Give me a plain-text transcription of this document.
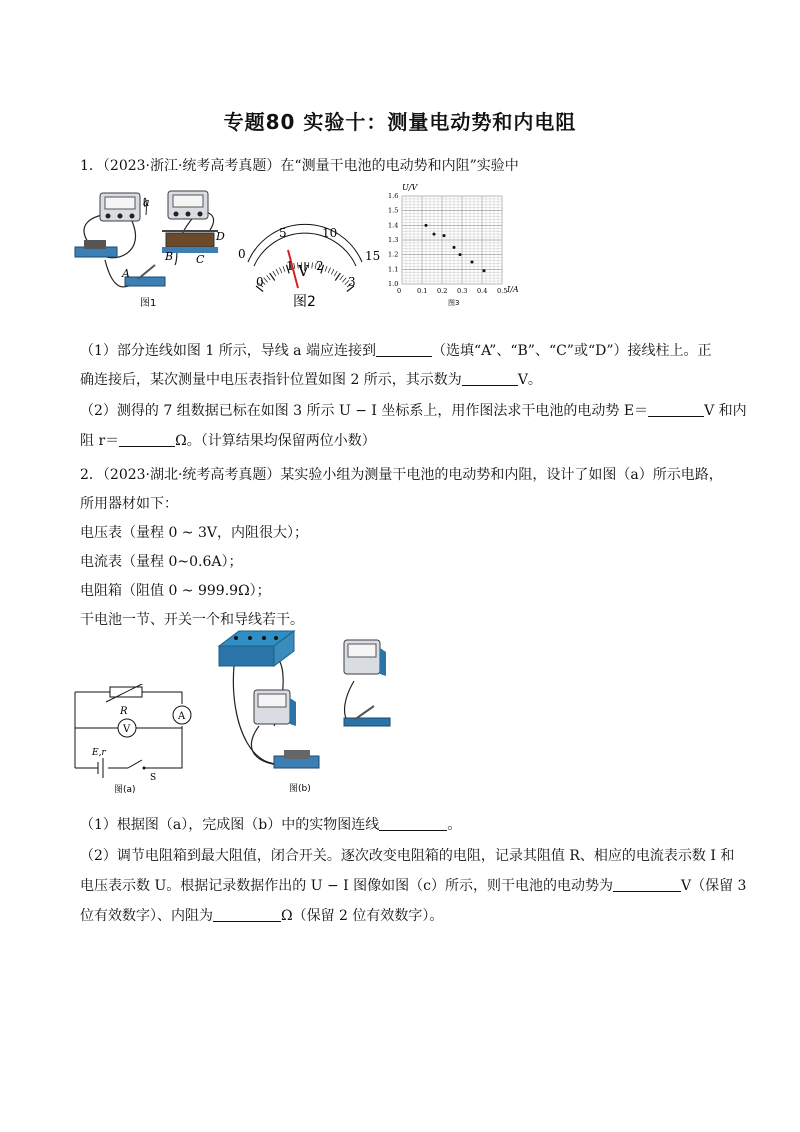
专题80 实验十：测量电动势和内电阻
1．（2023·浙江·统考高考真题）在“测量干电池的电动势和内阻”实验中
a
A
B C
D
图1
0
5	10
15
0
1 2
3
V
图2
0 0.1 0.2 0.3 0.4 0.5
1.0
1.1
1.2
1.3
1.4
1.5
1.6
U/V
I/A
图3
（1）部分连线如图 1 所示，导线 a 端应连接到	（选填“A”、“B”、“C”或“D”）接线柱上。正
确连接后，某次测量中电压表指针位置如图 2 所示，其示数为	V。
（2）测得的 7 组数据已标在如图 3 所示 U − I 坐标系上，用作图法求干电池的电动势 E＝	V 和内
阻 r＝	Ω。（计算结果均保留两位小数）
2．（2023·湖北·统考高考真题）某实验小组为测量干电池的电动势和内阻，设计了如图（a）所示电路，
所用器材如下：
电压表（量程 0 ~ 3V，内阻很大）；
电流表（量程 0~0.6A）；
电阻箱（阻值 0 ~ 999.9Ω）；
干电池一节、开关一个和导线若干。
R	A
V
E,r
S
图(a)	图(b)
（1）根据图（a），完成图（b）中的实物图连线	。
（2）调节电阻箱到最大阻值，闭合开关。逐次改变电阻箱的电阻，记录其阻值 R、相应的电流表示数 I 和
电压表示数 U。根据记录数据作出的 U − I 图像如图（c）所示，则干电池的电动势为	V（保留 3
位有效数字）、内阻为	Ω（保留 2 位有效数字）。
